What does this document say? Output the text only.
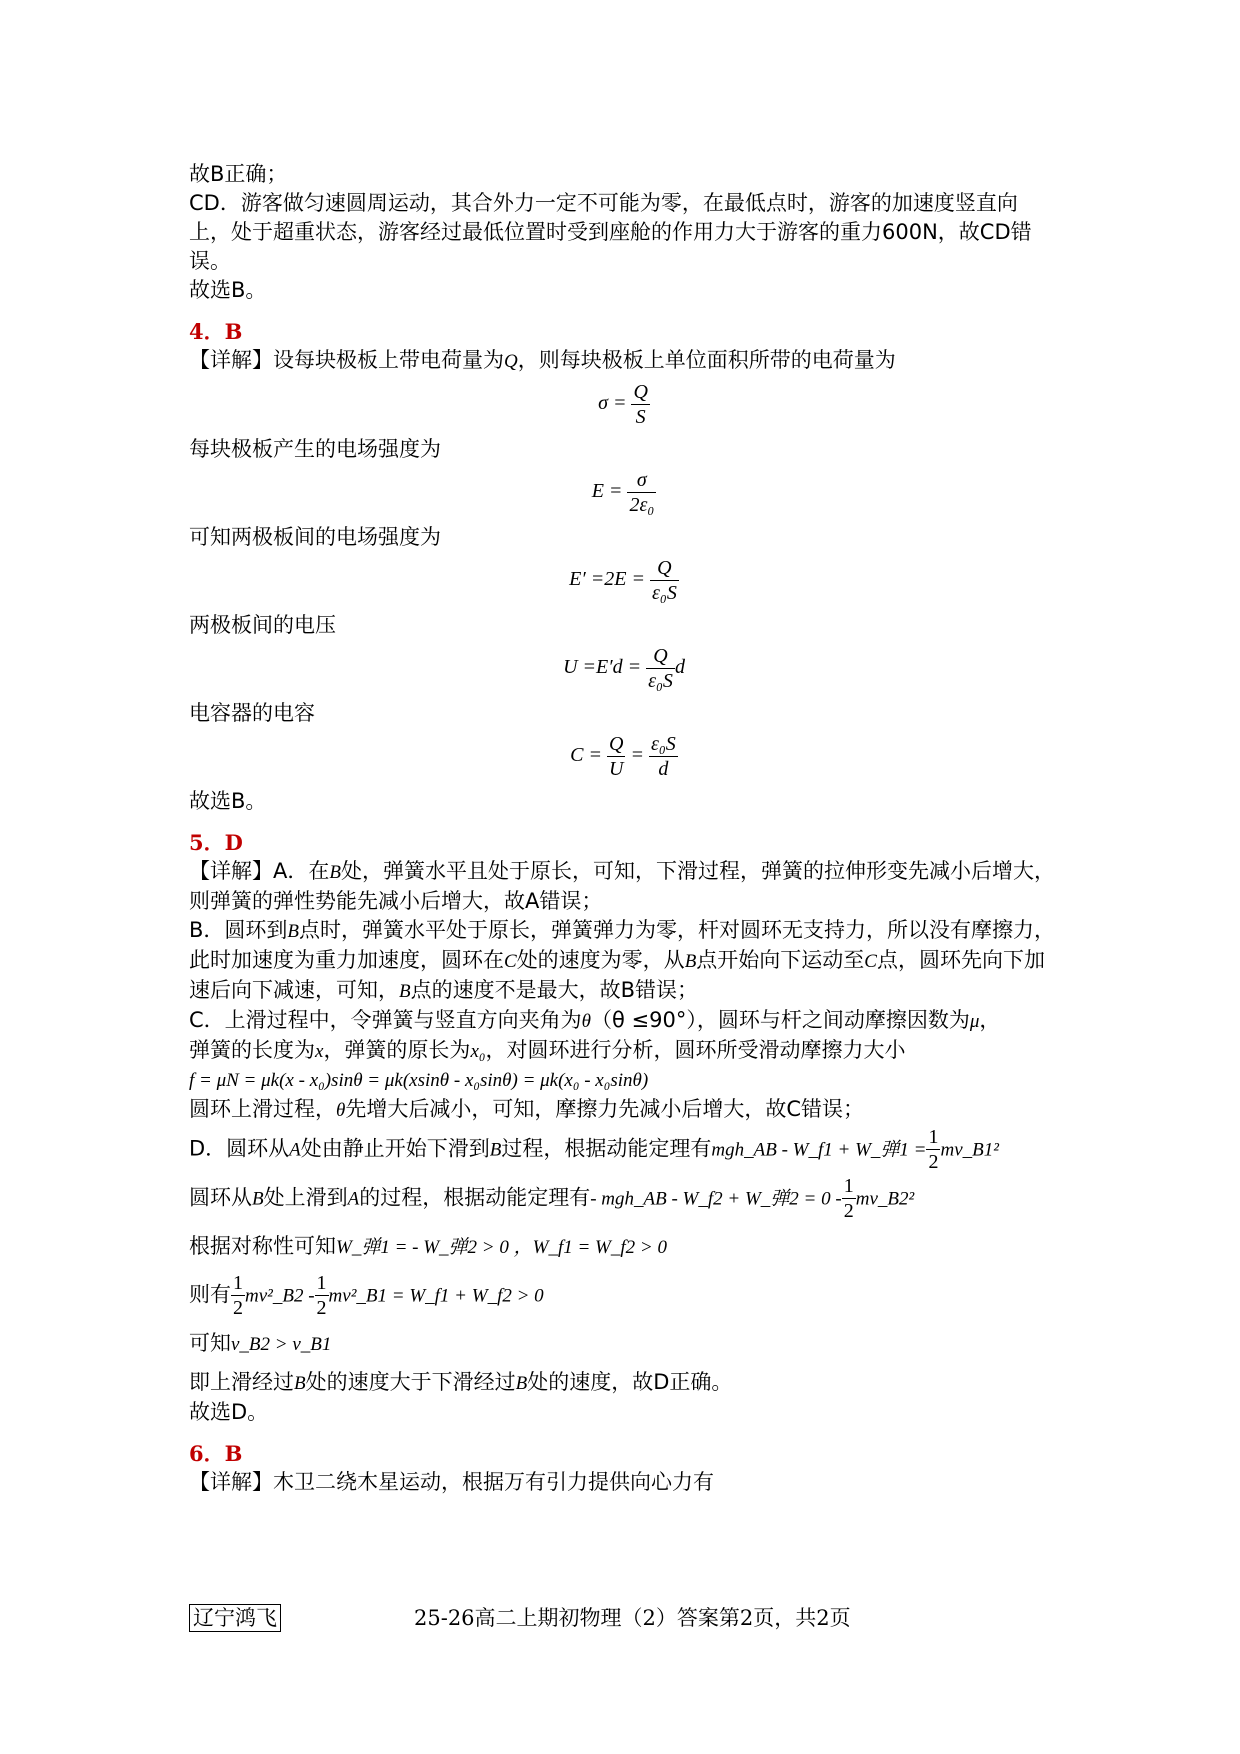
故B正确；

CD．游客做匀速圆周运动，其合外力一定不可能为零，在最低点时，游客的加速度竖直向上，处于超重状态，游客经过最低位置时受到座舱的作用力大于游客的重力600N，故CD错误。

故选B。

4．B

【详解】设每块极板上带电荷量为Q，则每块极板上单位面积所带的电荷量为

$\sigma = \frac{Q}{S}$

每块极板产生的电场强度为

$E = \frac{\sigma}{\text{2ε₀}}$

可知两极板间的电场强度为

$E' =2E = \frac{Q}{\text{ε₀S}}$

两极板间的电压

$U =E'd = \frac{Q}{\text{ε₀S}}$ d

电容器的电容

$C = \frac{Q}{U} = \frac{\text{ε₀S}}{d}$

故选B。

5．D

【详解】A．在B处，弹簧水平且处于原长，可知，下滑过程，弹簧的拉伸形变先减小后增大，则弹簧的弹性势能先减小后增大，故A错误；

B．圆环到B点时，弹簧水平处于原长，弹簧弹力为零，杆对圆环无支持力，所以没有摩擦力，此时加速度为重力加速度，圆环在C处的速度为零，从B点开始向下运动至C点，圆环先向下加速后向下减速，可知，B点的速度不是最大，故B错误；

C．上滑过程中，令弹簧与竖直方向夹角为θ（θ ≤90°），圆环与杆之间动摩擦因数为μ，

弹簧的长度为x，弹簧的原长为x₀，对圆环进行分析，圆环所受滑动摩擦力大小

f = μN = μk(x - x₀)sinθ = μk(xsinθ - x₀sinθ) = μk(x₀ - x₀sinθ)

圆环上滑过程，θ先增大后减小，可知，摩擦力先减小后增大，故C错误；

D．圆环从A处由静止开始下滑到B过程，根据动能定理有mgh_AB - W_f1 + W_弹$1 = \frac{1}{2}$ mv_B1²

圆环从B处上滑到A的过程，根据动能定理有- mgh_AB - W_f2 + W_弹$2 = 0 - \frac{1}{2}$ mv_B2²

根据对称性可知W_弹1 = - W_弹2 > 0 ，W_f1 = W_f2 > 0

则有 $\frac{1}{2}$ mv²_B2 - $\frac{1}{2}$ mv²_B1 = W_f1 + W_f2 > 0

可知v_B2 > v_B1

即上滑经过B处的速度大于下滑经过B处的速度，故D正确。

故选D。

6．B

【详解】木卫二绕木星运动，根据万有引力提供向心力有

辽宁鸿飞	25-26高二上期初物理（2）答案第2页，共2页
